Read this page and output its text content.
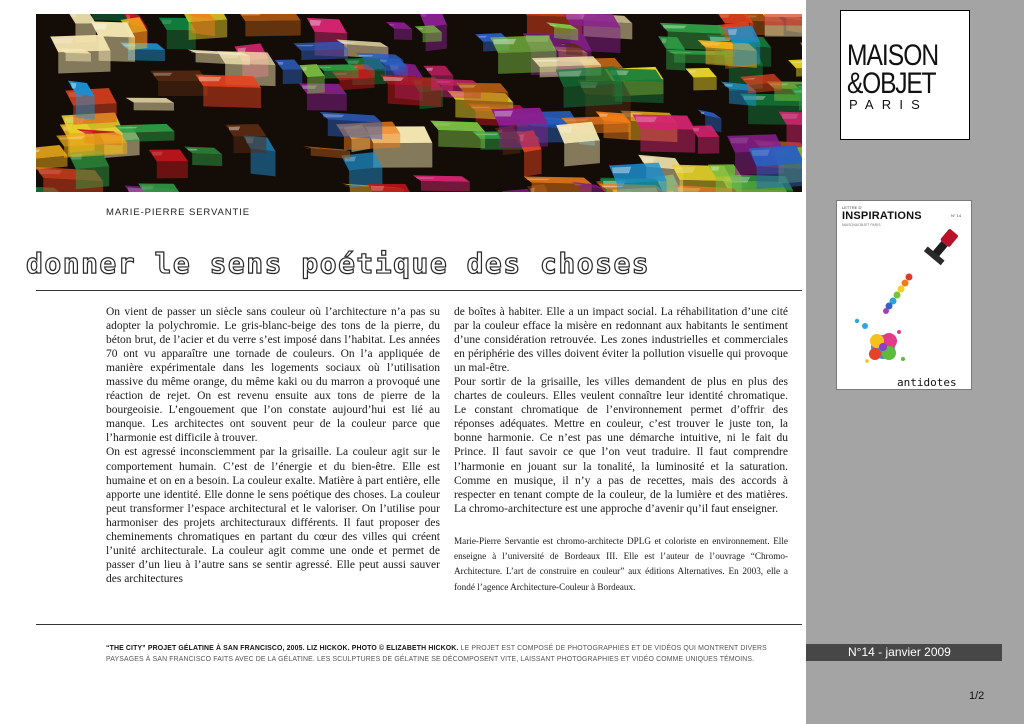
MARIE-PIERRE SERVANTIE
donner le sens poétique des choses

On vient de passer un siècle sans couleur où l’architecture n’a pas su adopter la polychromie. Le gris-blanc-beige des tons de la pierre, du béton brut, de l’acier et du verre s’est imposé dans l’habitat. Les années 70 ont vu apparaître une tornade de couleurs. On l’a appliquée de manière expérimentale dans les logements sociaux où l’utilisation massive du même orange, du même kaki ou du marron a provoqué une réaction de rejet. On est revenu ensuite aux tons de pierre de la bourgeoisie. L’engouement que l’on constate aujourd’hui est lié au manque. Les architectes ont souvent peur de la couleur parce que l’harmonie est difficile à trouver.

On est agressé inconsciemment par la grisaille. La couleur agit sur le comportement humain. C’est de l’énergie et du bien-être. Elle est humaine et on en a besoin. La couleur exalte. Matière à part entière, elle apporte une identité. Elle donne le sens poétique des choses. La couleur peut transformer l’espace architectural et le valoriser. On l’utilise pour harmoniser des projets architecturaux différents. Il faut proposer des cheminements chromatiques en partant du cœur des villes qui créent l’unité architecturale. La couleur agit comme une onde et permet de passer d’un lieu à l’autre sans se sentir agressé. Elle peut aussi sauver des architectures

de boîtes à habiter. Elle a un impact social. La réhabilitation d’une cité par la couleur efface la misère en redonnant aux habitants le sentiment d’une considération retrouvée. Les zones industrielles et commerciales en périphérie des villes doivent éviter la pollution visuelle qui provoque un mal-être.

Pour sortir de la grisaille, les villes demandent de plus en plus des chartes de couleurs. Elles veulent connaître leur identité chromatique. Le constant chromatique de l’environnement permet d’offrir des réponses adéquates. Mettre en couleur, c’est trouver le juste ton, la bonne harmonie. Ce n’est pas une démarche intuitive, ni le fait du Prince. Il faut savoir ce que l’on veut traduire. Il faut comprendre l’harmonie en jouant sur la tonalité, la luminosité et la saturation. Comme en musique, il n’y a pas de recettes, mais des accords à respecter en tenant compte de la couleur, de la lumière et des matières. La chromo-architecture est une approche d’avenir qu’il faut enseigner.

Marie-Pierre Servantie est chromo-architecte DPLG et coloriste en environnement. Elle enseigne à l’université de Bordeaux III. Elle est l’auteur de l’ouvrage “Chromo-Architecture. L’art de construire en couleur” aux éditions Alternatives. En 2003, elle a fondé l’agence Architecture-Couleur à Bordeaux.

“THE CITY” PROJET GÉLATINE À SAN FRANCISCO, 2005. LIZ HICKOK. PHOTO © ELIZABETH HICKOK. LE PROJET EST COMPOSÉ DE PHOTOGRAPHIES ET DE VIDÉOS QUI MONTRENT DIVERS PAYSAGES À SAN FRANCISCO FAITS AVEC DE LA GÉLATINE. LES SCULPTURES DE GÉLATINE SE DÉCOMPOSENT VITE, LAISSANT PHOTOGRAPHIES ET VIDÉO COMME UNIQUES TÉMOINS.
MAISON
&OBJET
PARIS
LETTRE D’
INSPIRATIONS	N° 14
MAISON&OBJET PARIS
antidotes
N°14 - janvier 2009
1/2
